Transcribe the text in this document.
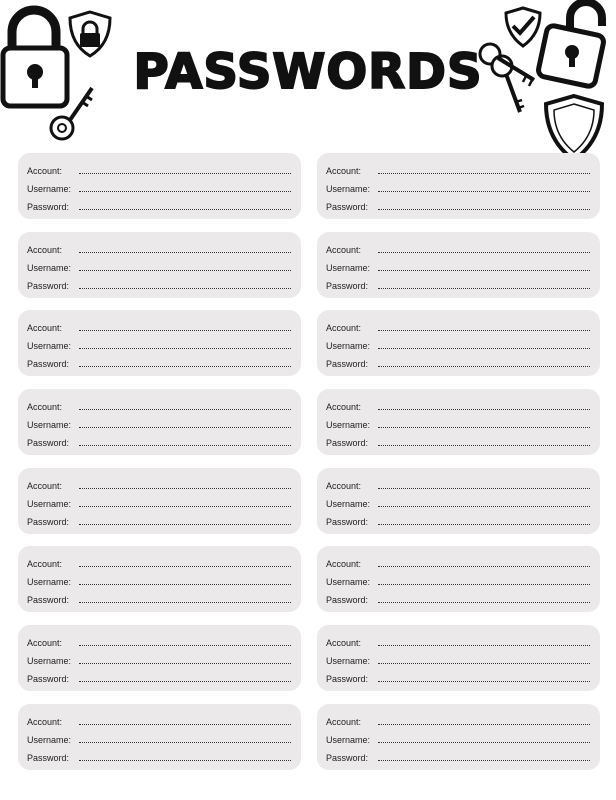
PASSWORDS
Account:
Username:
Password:
Account:
Username:
Password:
Account:
Username:
Password:
Account:
Username:
Password:
Account:
Username:
Password:
Account:
Username:
Password:
Account:
Username:
Password:
Account:
Username:
Password:
Account:
Username:
Password:
Account:
Username:
Password:
Account:
Username:
Password:
Account:
Username:
Password:
Account:
Username:
Password:
Account:
Username:
Password:
Account:
Username:
Password:
Account:
Username:
Password:
